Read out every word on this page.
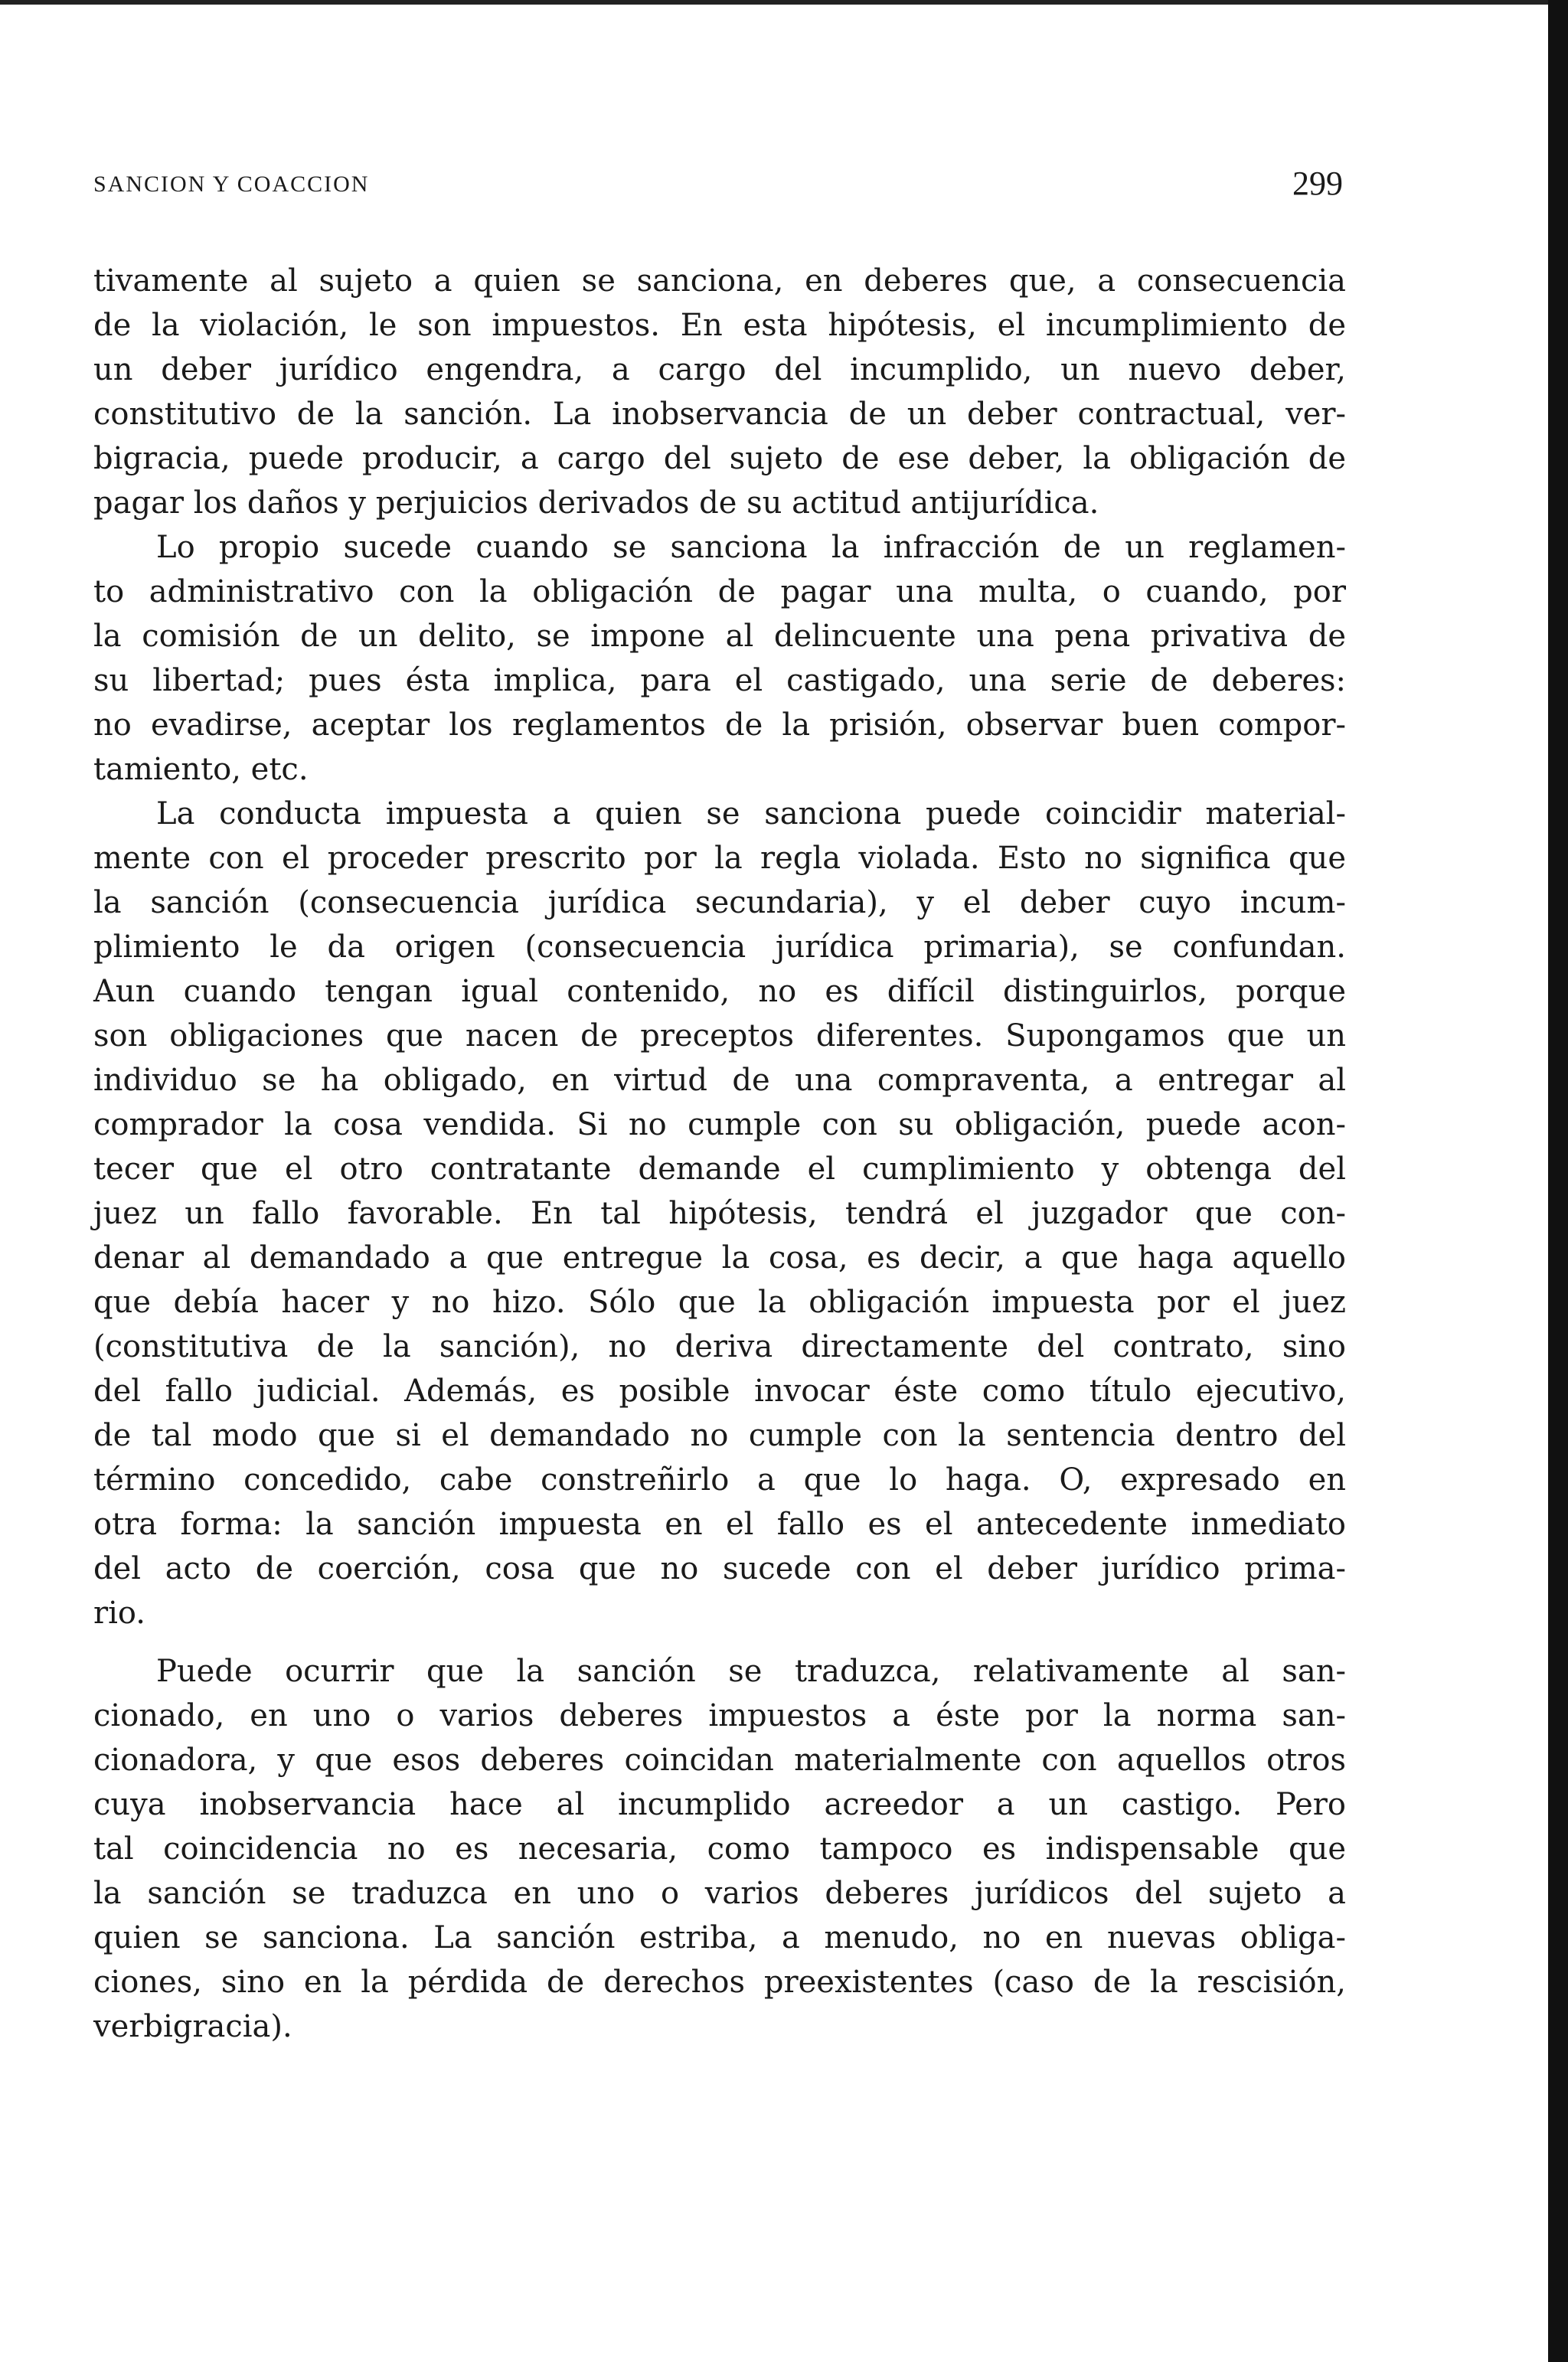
SANCION Y COACCION	299
tivamente al sujeto a quien se sanciona, en deberes que, a consecuencia
de la violación, le son impuestos. En esta hipótesis, el incumplimiento de
un deber jurídico engendra, a cargo del incumplido, un nuevo deber,
constitutivo de la sanción. La inobservancia de un deber contractual, ver-
bigracia, puede producir, a cargo del sujeto de ese deber, la obligación de
pagar los daños y perjuicios derivados de su actitud antijurídica.
Lo propio sucede cuando se sanciona la infracción de un reglamen-
to administrativo con la obligación de pagar una multa, o cuando, por
la comisión de un delito, se impone al delincuente una pena privativa de
su libertad; pues ésta implica, para el castigado, una serie de deberes:
no evadirse, aceptar los reglamentos de la prisión, observar buen compor-
tamiento, etc.
La conducta impuesta a quien se sanciona puede coincidir material-
mente con el proceder prescrito por la regla violada. Esto no significa que
la sanción (consecuencia jurídica secundaria), y el deber cuyo incum-
plimiento le da origen (consecuencia jurídica primaria), se confundan.
Aun cuando tengan igual contenido, no es difícil distinguirlos, porque
son obligaciones que nacen de preceptos diferentes. Supongamos que un
individuo se ha obligado, en virtud de una compraventa, a entregar al
comprador la cosa vendida. Si no cumple con su obligación, puede acon-
tecer que el otro contratante demande el cumplimiento y obtenga del
juez un fallo favorable. En tal hipótesis, tendrá el juzgador que con-
denar al demandado a que entregue la cosa, es decir, a que haga aquello
que debía hacer y no hizo. Sólo que la obligación impuesta por el juez
(constitutiva de la sanción), no deriva directamente del contrato, sino
del fallo judicial. Además, es posible invocar éste como título ejecutivo,
de tal modo que si el demandado no cumple con la sentencia dentro del
término concedido, cabe constreñirlo a que lo haga. O, expresado en
otra forma: la sanción impuesta en el fallo es el antecedente inmediato
del acto de coerción, cosa que no sucede con el deber jurídico prima-
rio.
Puede ocurrir que la sanción se traduzca, relativamente al san-
cionado, en uno o varios deberes impuestos a éste por la norma san-
cionadora, y que esos deberes coincidan materialmente con aquellos otros
cuya inobservancia hace al incumplido acreedor a un castigo. Pero
tal coincidencia no es necesaria, como tampoco es indispensable que
la sanción se traduzca en uno o varios deberes jurídicos del sujeto a
quien se sanciona. La sanción estriba, a menudo, no en nuevas obliga-
ciones, sino en la pérdida de derechos preexistentes (caso de la rescisión,
verbigracia).
